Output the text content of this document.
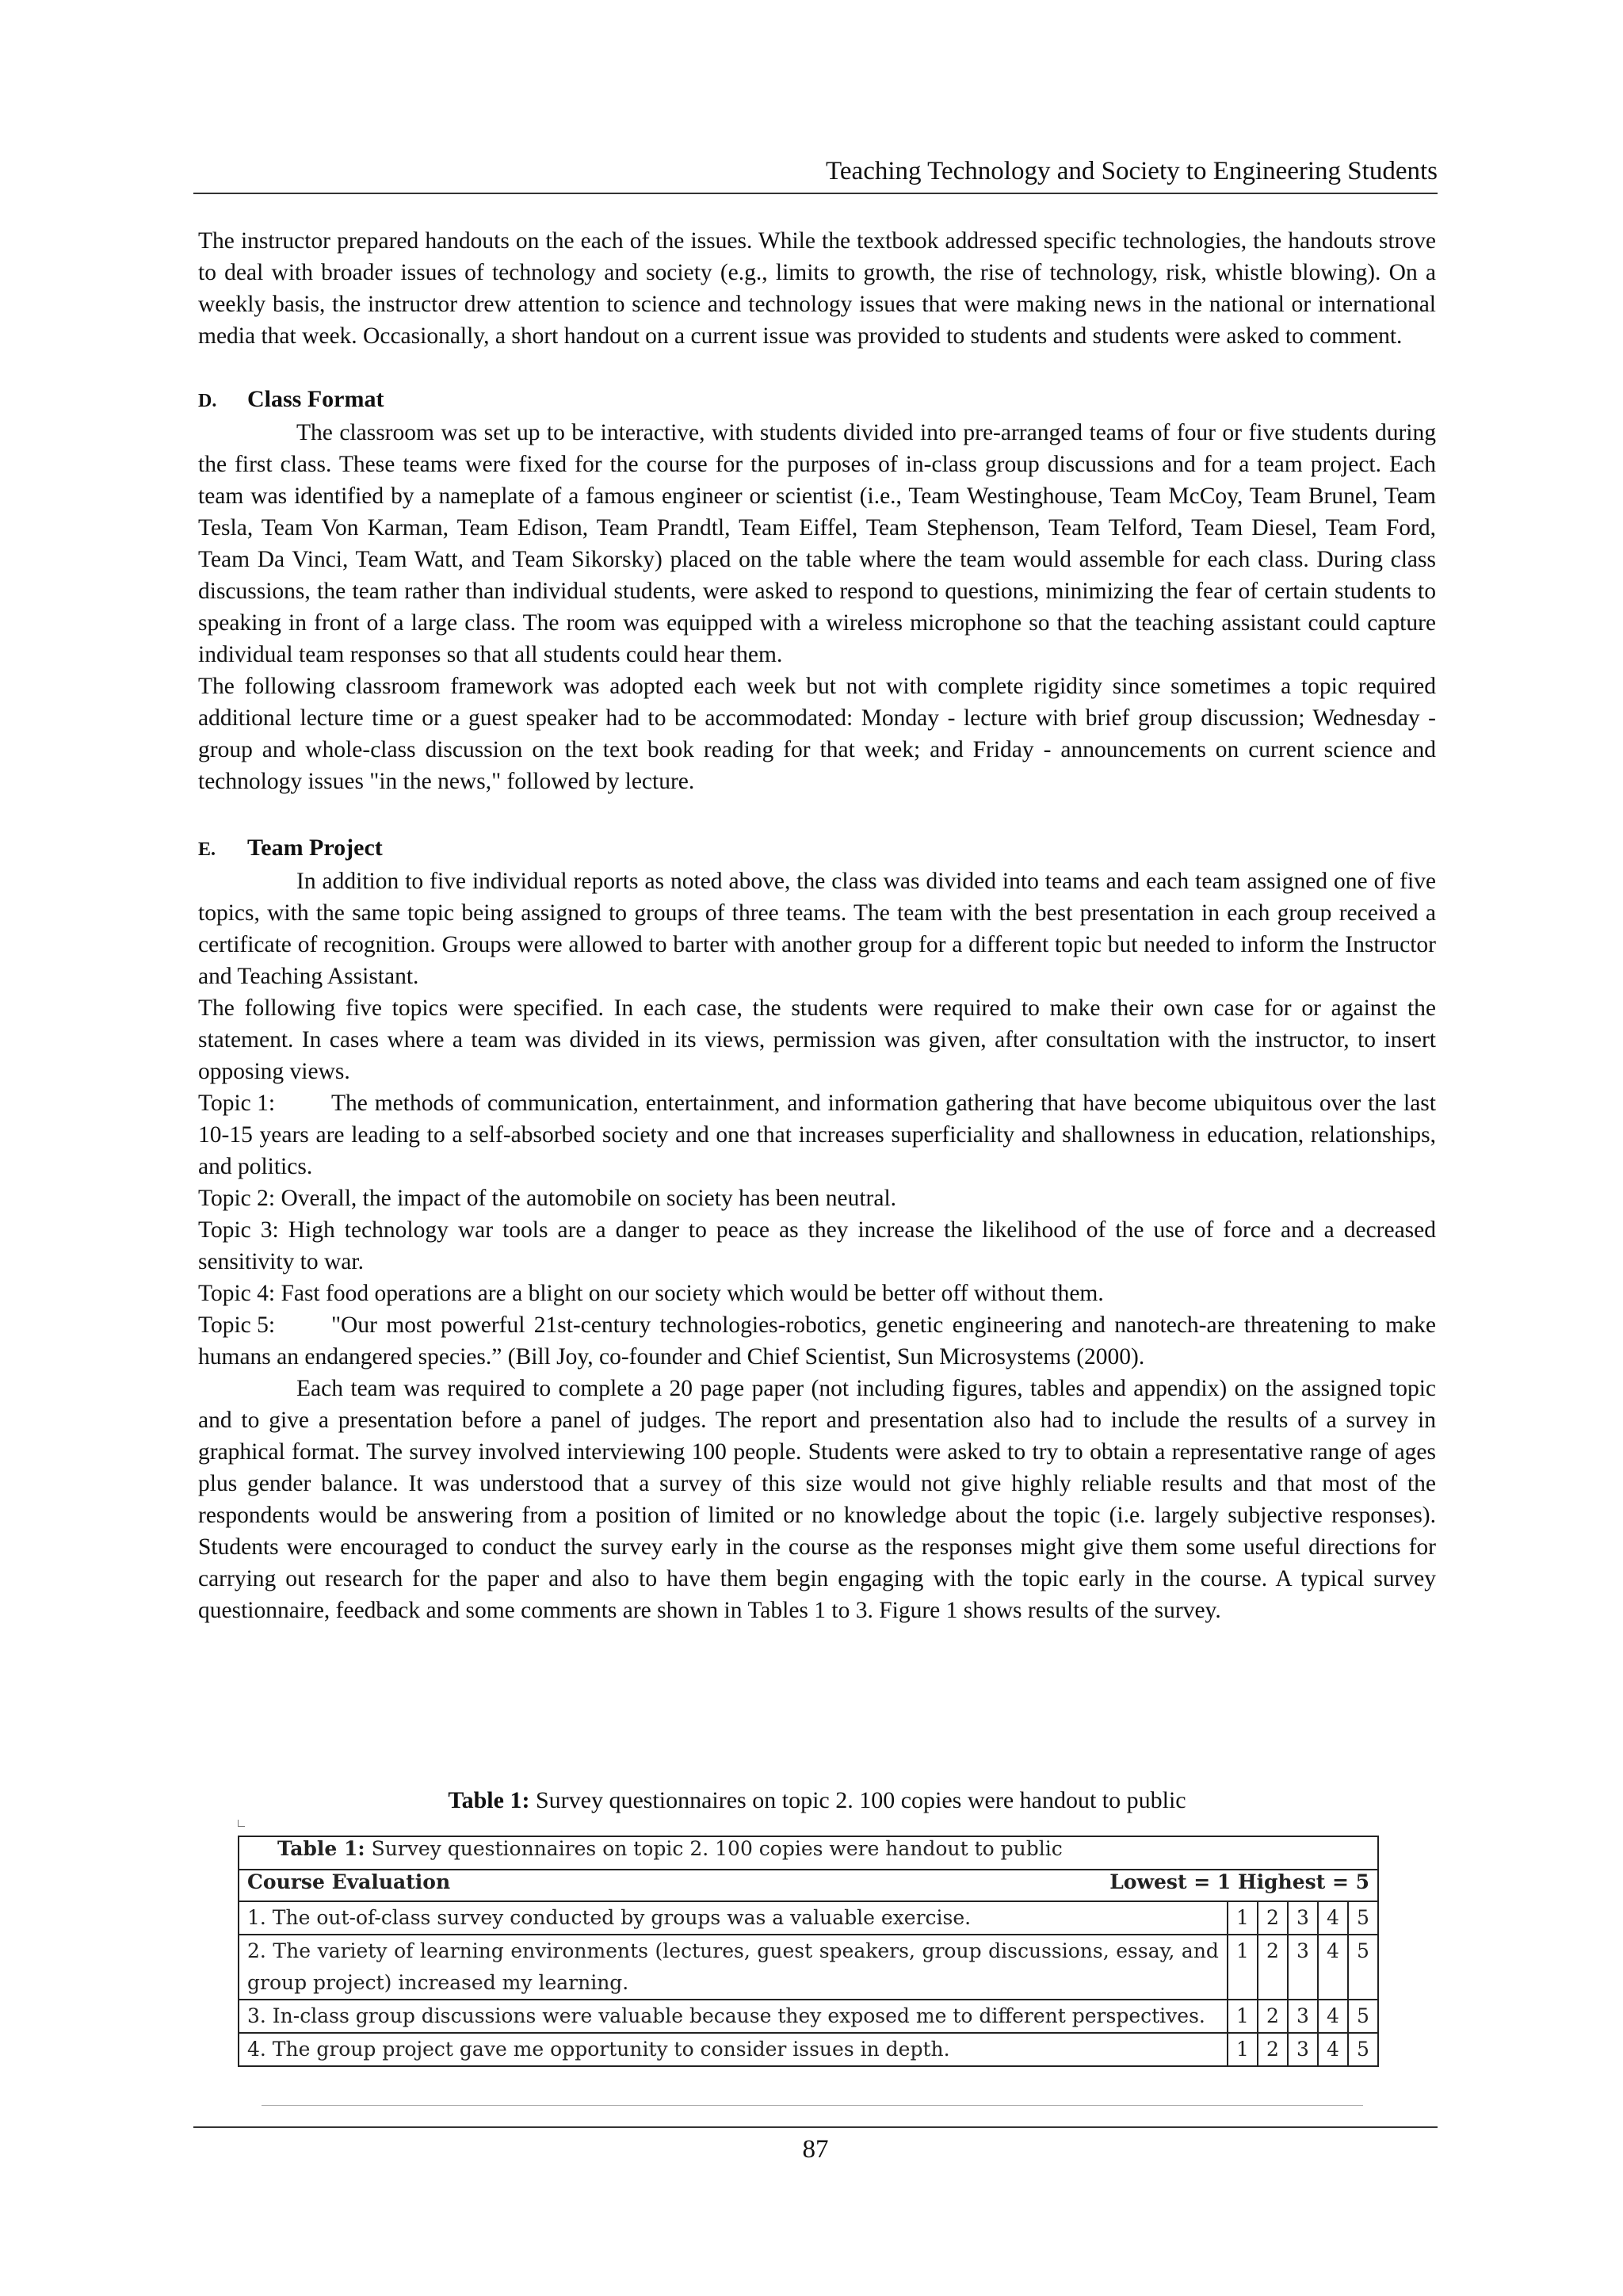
Teaching Technology and Society to Engineering Students

The instructor prepared handouts on the each of the issues. While the textbook addressed specific technologies, the handouts strove to deal with broader issues of technology and society (e.g., limits to growth, the rise of technology, risk, whistle blowing). On a weekly basis, the instructor drew attention to science and technology issues that were making news in the national or international media that week. Occasionally, a short handout on a current issue was provided to students and students were asked to comment.

D. Class Format

The classroom was set up to be interactive, with students divided into pre-arranged teams of four or five students during the first class. These teams were fixed for the course for the purposes of in-class group discussions and for a team project. Each team was identified by a nameplate of a famous engineer or scientist (i.e., Team Westinghouse, Team McCoy, Team Brunel, Team Tesla, Team Von Karman, Team Edison, Team Prandtl, Team Eiffel, Team Stephenson, Team Telford, Team Diesel, Team Ford, Team Da Vinci, Team Watt, and Team Sikorsky) placed on the table where the team would assemble for each class. During class discussions, the team rather than individual students, were asked to respond to questions, minimizing the fear of certain students to speaking in front of a large class. The room was equipped with a wireless microphone so that the teaching assistant could capture individual team responses so that all students could hear them.

The following classroom framework was adopted each week but not with complete rigidity since sometimes a topic required additional lecture time or a guest speaker had to be accommodated: Monday - lecture with brief group discussion; Wednesday - group and whole-class discussion on the text book reading for that week; and Friday - announcements on current science and technology issues "in the news," followed by lecture.

E. Team Project

In addition to five individual reports as noted above, the class was divided into teams and each team assigned one of five topics, with the same topic being assigned to groups of three teams. The team with the best presentation in each group received a certificate of recognition. Groups were allowed to barter with another group for a different topic but needed to inform the Instructor and Teaching Assistant.

The following five topics were specified. In each case, the students were required to make their own case for or against the statement. In cases where a team was divided in its views, permission was given, after consultation with the instructor, to insert opposing views.

Topic 1: The methods of communication, entertainment, and information gathering that have become ubiquitous over the last 10-15 years are leading to a self-absorbed society and one that increases superficiality and shallowness in education, relationships, and politics.

Topic 2: Overall, the impact of the automobile on society has been neutral.

Topic 3: High technology war tools are a danger to peace as they increase the likelihood of the use of force and a decreased sensitivity to war.

Topic 4: Fast food operations are a blight on our society which would be better off without them.

Topic 5: "Our most powerful 21st-century technologies-robotics, genetic engineering and nanotech-are threatening to make humans an endangered species.” (Bill Joy, co-founder and Chief Scientist, Sun Microsystems (2000).

Each team was required to complete a 20 page paper (not including figures, tables and appendix) on the assigned topic and to give a presentation before a panel of judges. The report and presentation also had to include the results of a survey in graphical format. The survey involved interviewing 100 people. Students were asked to try to obtain a representative range of ages plus gender balance. It was understood that a survey of this size would not give highly reliable results and that most of the respondents would be answering from a position of limited or no knowledge about the topic (i.e. largely subjective responses). Students were encouraged to conduct the survey early in the course as the responses might give them some useful directions for carrying out research for the paper and also to have them begin engaging with the topic early in the course. A typical survey questionnaire, feedback and some comments are shown in Tables 1 to 3. Figure 1 shows results of the survey.

Table 1: Survey questionnaires on topic 2. 100 copies were handout to public
Table 1: Survey questionnaires on topic 2. 100 copies were handout to public					

Course Evaluation Lowest = 1 Highest = 5					

1. The out-of-class survey conducted by groups was a valuable exercise.	1	2	3	4	5
2. The variety of learning environments (lectures, guest speakers, group discussions, essay, and group project) increased my learning.	1	2	3	4	5
3. In-class group discussions were valuable because they exposed me to different perspectives.	1	2	3	4	5
4. The group project gave me opportunity to consider issues in depth.	1	2	3	4	5
87
